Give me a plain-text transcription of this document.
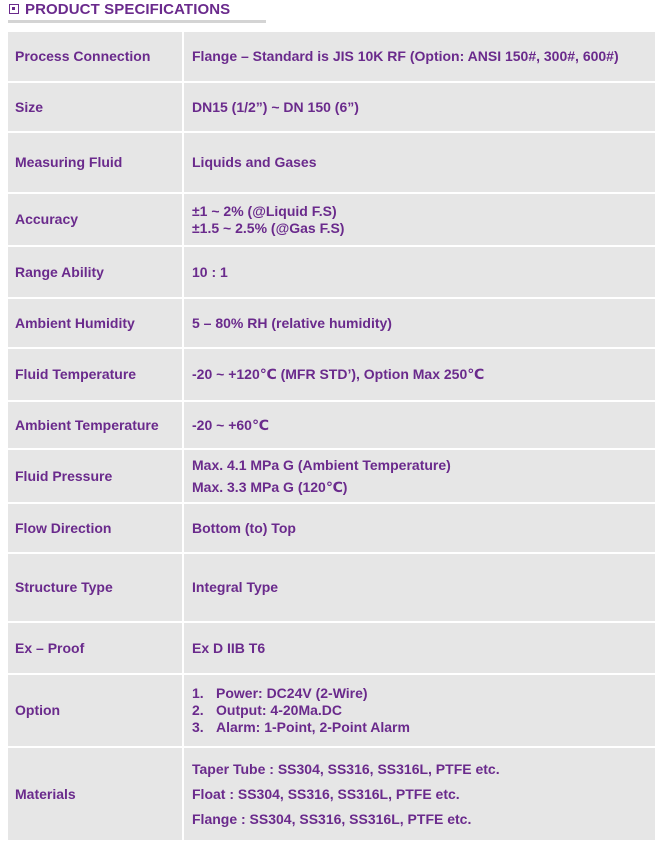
PRODUCT SPECIFICATIONS
Process Connection	Flange – Standard is JIS 10K RF (Option: ANSI 150#, 300#, 600#)
Size	DN15 (1/2”) ~ DN 150 (6”)
Measuring Fluid	Liquids and Gases
Accuracy	±1 ~ 2% (@Liquid F.S)
±1.5 ~ 2.5% (@Gas F.S)

Range Ability	10 : 1
Ambient Humidity	5 – 80% RH (relative humidity)
Fluid Temperature	-20 ~ +120℃ (MFR STD’), Option Max 250℃
Ambient Temperature	-20 ~ +60℃
Fluid Pressure	Max. 4.1 MPa G (Ambient Temperature)
Max. 3.3 MPa G (120℃)

Flow Direction	Bottom (to) Top
Structure Type	Integral Type
Ex – Proof	Ex D IIB T6
Option	1. Power: DC24V (2-Wire)
2. Output: 4-20Ma.DC
3. Alarm: 1-Point, 2-Point Alarm

Materials	Taper Tube : SS304, SS316, SS316L, PTFE etc.
Float : SS304, SS316, SS316L, PTFE etc.
Flange : SS304, SS316, SS316L, PTFE etc.
